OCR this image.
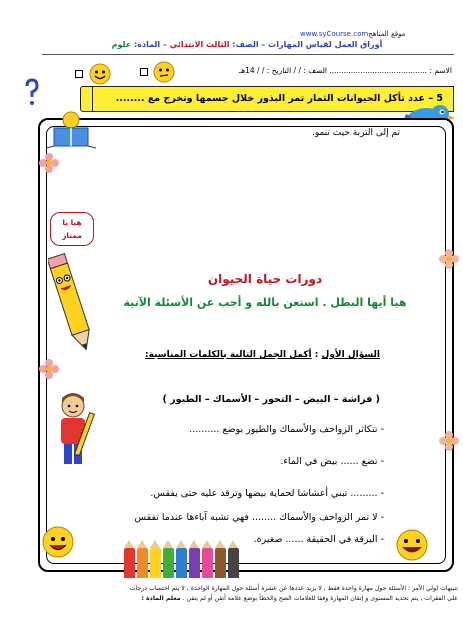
www.syCourse.comموقع المناهج
أوراق العمل لقياس المهارات – الصف: الثالث الابتدائي – المادة: علوم
الاسم : ......................................... الصف : / / التاريخ : / / 14هـ
5 – عدد تأكل الحيوانات الثمار تمر البذور خلال جسمها وتخرج مع ........
تم إلى التربة حيث تنمو.
هيا يا
ممتاز
دورات حياة الحيوان
هيا أيها البطل . استعن بالله و أجب عن الأسئلة الآتية
السؤال الأول : أكمل الجمل التالية بالكلمات المناسبة:
( فراشة – البيض – التحور – الأسماك – الطيور )
- تتكاثر الزواحف والأسماك والطيور بوضع ..........
- تضع ...... بيض في الماء.
- ......... تبني أعشاشا لحماية بيضها وترقد عليه حتى يفقس.
- لا تمر الزواحف والأسماك ........ فهي تشبه آباءها عندما تفقس
- اليرقة في الحقيقة ...... صغيرة.
تنبيهات لولي الأمر : الأسئلة حول مهارة واحدة فقط , لا يزيد عددها عن عشرة أسئلة حول المهارة الواحدة , لا يتم احتساب درجات
على الفقرات , يتم تحديد المستوى و إتقان المهارة وفقا للعلامات الصح والخطأ بوضع علامة أتقن أو لم يتقن . معلم المادة :
